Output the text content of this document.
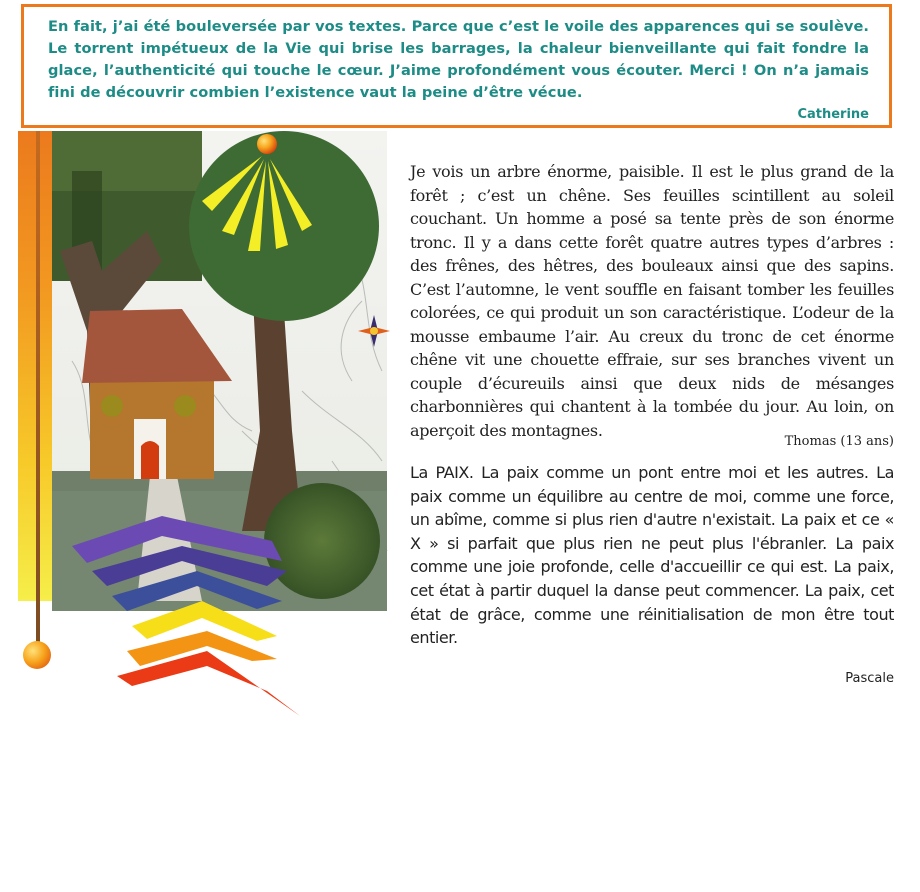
En fait, j’ai été bouleversée par vos textes. Parce que c’est le voile des apparences qui se soulève. Le torrent impétueux de la Vie qui brise les barrages, la chaleur bienveillante qui fait fondre la glace, l’authenticité qui touche le cœur. J’aime profondément vous écouter. Merci ! On n’a jamais fini de découvrir combien l’existence vaut la peine d’être vécue.

Catherine

Je vois un arbre énorme, paisible. Il est le plus grand de la forêt ; c’est un chêne. Ses feuilles scintillent au soleil couchant. Un homme a posé sa tente près de son énorme tronc. Il y a dans cette forêt quatre autres types d’arbres : des frênes, des hêtres, des bouleaux ainsi que des sapins. C’est l’automne, le vent souffle en faisant tomber les feuilles colorées, ce qui produit un son caractéristique. L’odeur de la mousse embaume l’air. Au creux du tronc de cet énorme chêne vit une chouette effraie, sur ses branches vivent un couple d’écureuils ainsi que deux nids de mésanges charbonnières qui chantent à la tombée du jour. Au loin, on aperçoit des montagnes.

Thomas (13 ans)

La PAIX. La paix comme un pont entre moi et les autres. La paix comme un équilibre au centre de moi, comme une force, un abîme, comme si plus rien d'autre n'existait. La paix et ce « X » si parfait que plus rien ne peut plus l'ébranler. La paix comme une joie profonde, celle d'accueillir ce qui est. La paix, cet état à partir duquel la danse peut commencer. La paix, cet état de grâce, comme une réinitialisation de mon être tout entier.

Pascale
